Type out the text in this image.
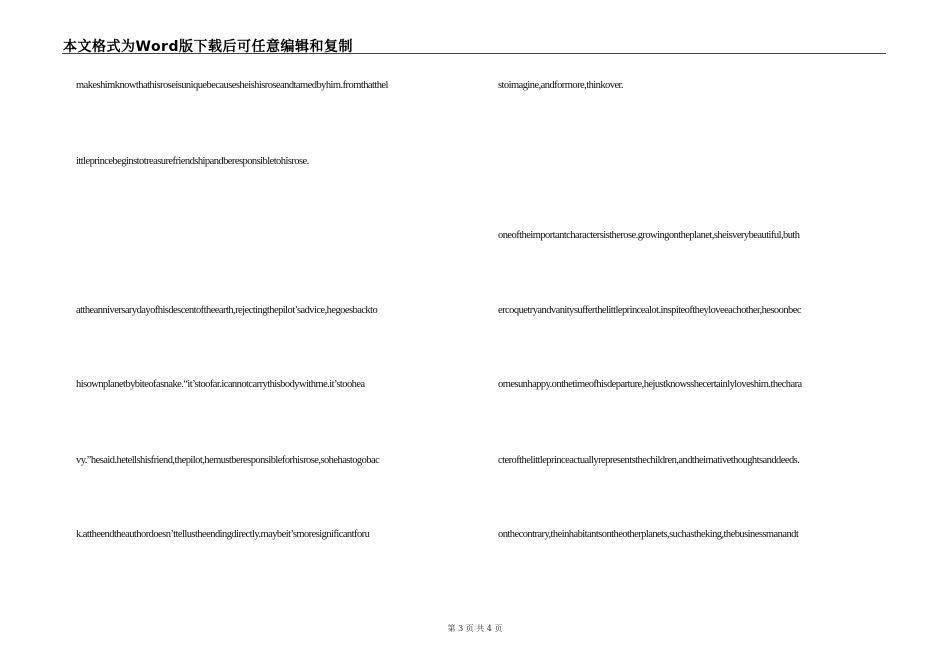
本文格式为Word版下载后可任意编辑和复制
makeshimknowthathisroseisuniquebecausesheishisroseandtamedbyhim.fromthatthel
ittleprincebeginstotreasurefriendshipandberesponsibletohisrose.
attheanniversarydayofhisdescentoftheearth,rejectingthepilot’sadvice,hegoesbackto
hisownplanetbybiteofasnake.“it’stoofar.icannotcarrythisbodywithme.it’stoohea
vy.”hesaid.hetellshisfriend,thepilot,hemustberesponsibleforhisrose,sohehastogobac
k.attheendtheauthordoesn’ttellustheendingdirectly.maybeit’smoresignificantforu
stoimagine,andformore,thinkover.
oneoftheimportantcharactersistherose.growingontheplanet,sheisverybeautiful,buth
ercoquetryandvanitysufferthelittleprincealot.inspiteoftheyloveeachother,hesoonbec
omesunhappy.onthetimeofhisdeparture,hejustknowsshecertainlyloveshim.thechara
cterofthelittleprinceactuallyrepresentsthechildren,andtheirnativethoughtsanddeeds.
onthecontrary,theinhabitantsontheotherplanets,suchastheking,thebusinessmanandt
第 3 页 共 4 页
